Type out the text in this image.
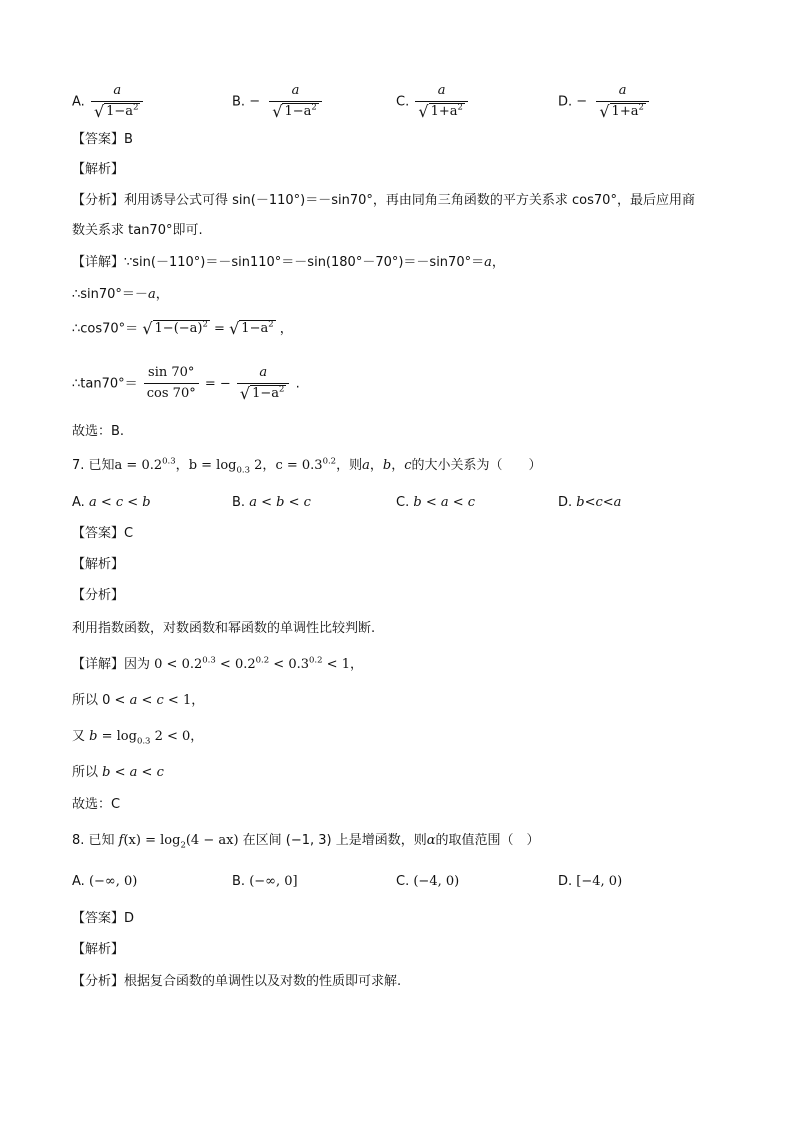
A. $\frac{a}{√ 1-a^2}$	B. − $\frac{a}{√ 1-a^2}$	C. $\frac{a}{√ 1+a^2}$	D. − $\frac{a}{√ 1+a^2}$
【答案】B
【解析】
【分析】利用诱导公式可得 sin(－110°)＝－sin70°，再由同角三角函数的平方关系求 cos70°，最后应用商
数关系求 tan70°即可.
【详解】∵sin(－110°)＝－sin110°＝－sin(180°－70°)＝－sin70°＝a，
∴sin70°＝－a，
∴cos70°＝ √ $1-(-a)^2$ = √ $1-a^2$ ，
∴tan70°＝ $\frac{\sin 70^\circ}{\cos 70^\circ}$ = − $\frac{a}{√ 1-a^2}$ .
故选：B.
7. 已知$a = 0.2^{0.3}$，$b = \log_{0.3} 2$，$c = 0.3^{0.2}$，则a，b，c的大小关系为（　　）
A. a < c < b	B. a < b < c	C. b < a < c	D. b<c<a
【答案】C
【解析】
【分析】
利用指数函数，对数函数和幂函数的单调性比较判断.
【详解】因为 $0 < 0.2^{0.3} < 0.2^{0.2} < 0.3^{0.2} < 1$，
所以 0 < a < c < 1，
又 $b = \log_{0.3} 2 < 0$，
所以 b < a < c
故选：C
8. 已知 $f(x) = \log_2(4 - ax)$ 在区间 (−1, 3) 上是增函数，则α的取值范围（　）
A. (−∞, 0)	B. (−∞, 0]	C. (−4, 0)	D. [−4, 0)
【答案】D
【解析】
【分析】根据复合函数的单调性以及对数的性质即可求解.
